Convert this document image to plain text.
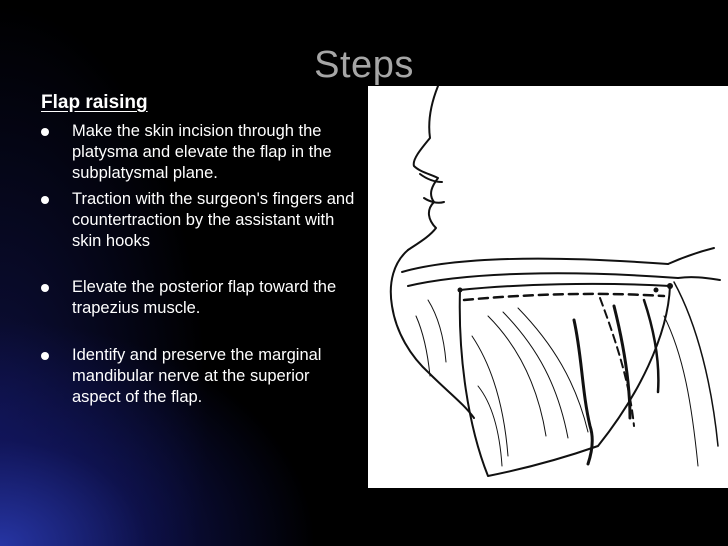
Steps
Flap raising
Make the skin incision through the platysma and elevate the flap in the subplatysmal plane.
Traction with the surgeon's fingers and countertraction by the assistant with skin hooks
Elevate the posterior flap toward the trapezius muscle.
Identify and preserve the marginal mandibular nerve at the superior aspect of the flap.
